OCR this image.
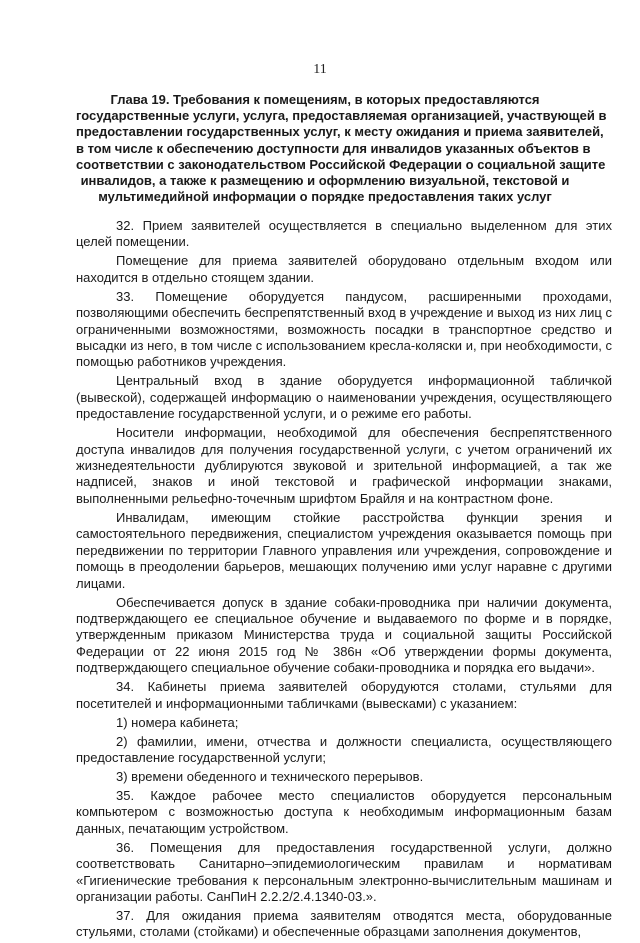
11
Глава 19. Требования к помещениям, в которых предоставляются
государственные услуги, услуга, предоставляемая организацией, участвующей в
предоставлении государственных услуг, к месту ожидания и приема заявителей,
в том числе к обеспечению доступности для инвалидов указанных объектов в
соответствии с законодательством Российской Федерации о социальной защите
инвалидов, а также к размещению и оформлению визуальной, текстовой и
мультимедийной информации о порядке предоставления таких услуг

32. Прием заявителей осуществляется в специально выделенном для этих целей помещении.

Помещение для приема заявителей оборудовано отдельным входом или находится в отдельно стоящем здании.

33. Помещение оборудуется пандусом, расширенными проходами, позволяющими обеспечить беспрепятственный вход в учреждение и выход из них лиц с ограниченными возможностями, возможность посадки в транспортное средство и высадки из него, в том числе с использованием кресла-коляски и, при необходимости, с помощью работников учреждения.

Центральный вход в здание оборудуется информационной табличкой (вывеской), содержащей информацию о наименовании учреждения, осуществляющего предоставление государственной услуги, и о режиме его работы.

Носители информации, необходимой для обеспечения беспрепятственного доступа инвалидов для получения государственной услуги, с учетом ограничений их жизнедеятельности дублируются звуковой и зрительной информацией, а так же надписей, знаков и иной текстовой и графической информации знаками, выполненными рельефно-точечным шрифтом Брайля и на контрастном фоне.

Инвалидам, имеющим стойкие расстройства функции зрения и самостоятельного передвижения, специалистом учреждения оказывается помощь при передвижении по территории Главного управления или учреждения, сопровождение и помощь в преодолении барьеров, мешающих получению ими услуг наравне с другими лицами.

Обеспечивается допуск в здание собаки-проводника при наличии документа, подтверждающего ее специальное обучение и выдаваемого по форме и в порядке, утвержденным приказом Министерства труда и социальной защиты Российской Федерации от 22 июня 2015 год № 386н «Об утверждении формы документа, подтверждающего специальное обучение собаки-проводника и порядка его выдачи».

34. Кабинеты приема заявителей оборудуются столами, стульями для посетителей и информационными табличками (вывесками) с указанием:

1) номера кабинета;

2) фамилии, имени, отчества и должности специалиста, осуществляющего предоставление государственной услуги;

3) времени обеденного и технического перерывов.

35. Каждое рабочее место специалистов оборудуется персональным компьютером с возможностью доступа к необходимым информационным базам данных, печатающим устройством.

36. Помещения для предоставления государственной услуги, должно соответствовать Санитарно–эпидемиологическим правилам и нормативам «Гигиенические требования к персональным электронно-вычислительным машинам и организации работы. СанПиН 2.2.2/2.4.1340-03.».

37. Для ожидания приема заявителям отводятся места, оборудованные стульями, столами (стойками) и обеспеченные образцами заполнения документов,
